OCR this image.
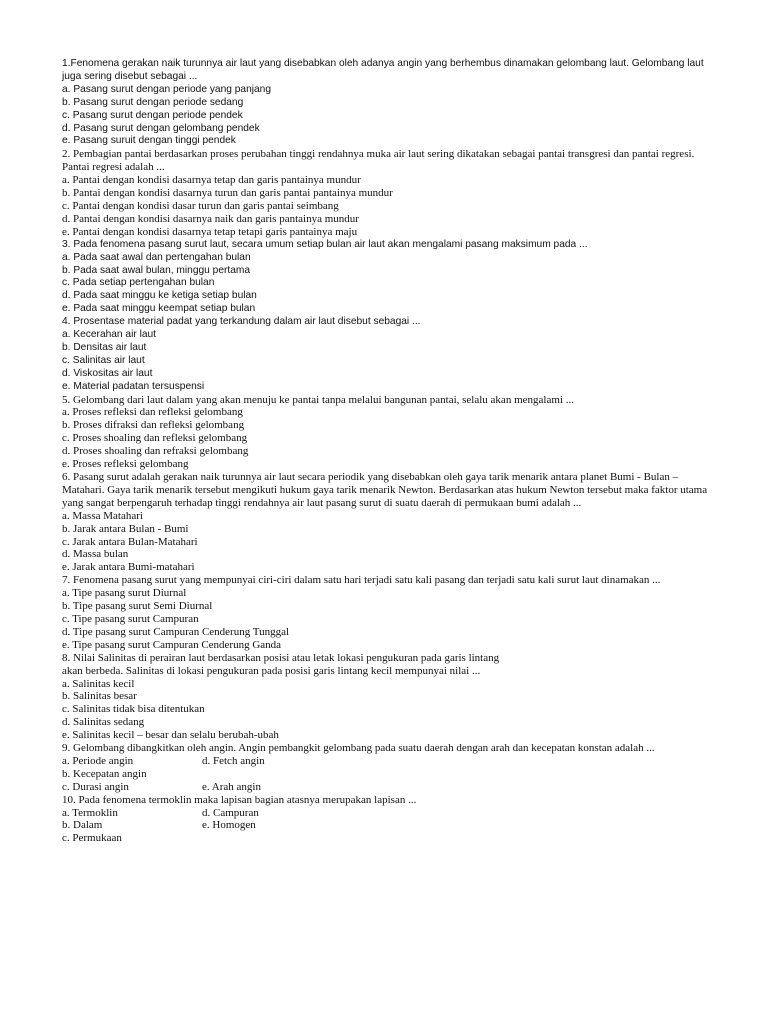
1.Fenomena gerakan naik turunnya air laut yang disebabkan oleh adanya angin yang berhembus dinamakan gelombang laut. Gelombang laut juga sering disebut sebagai ...
a. Pasang surut dengan periode yang panjang
b. Pasang surut dengan periode sedang
c. Pasang surut dengan periode pendek
d. Pasang surut dengan gelombang pendek
e. Pasang suruit dengan tinggi pendek
2. Pembagian pantai berdasarkan proses perubahan tinggi rendahnya muka air laut sering dikatakan sebagai pantai transgresi dan pantai regresi. Pantai regresi adalah ...
a. Pantai dengan kondisi dasarnya tetap dan garis pantainya mundur
b. Pantai dengan kondisi dasarnya turun dan garis pantai pantainya mundur
c. Pantai dengan kondisi dasar turun dan garis pantai seimbang
d. Pantai dengan kondisi dasarnya naik dan garis pantainya mundur
e. Pantai dengan kondisi dasarnya tetap tetapi garis pantainya maju
3. Pada fenomena pasang surut laut, secara umum setiap bulan air laut akan mengalami pasang maksimum pada ...
a. Pada saat awal dan pertengahan bulan
b. Pada saat awal bulan, minggu pertama
c. Pada setiap pertengahan bulan
d. Pada saat minggu ke ketiga setiap bulan
e. Pada saat minggu keempat setiap bulan
4. Prosentase material padat yang terkandung dalam air laut disebut sebagai ...
a. Kecerahan air laut
b. Densitas air laut
c. Salinitas air laut
d. Viskositas air laut
e. Material padatan tersuspensi
5. Gelombang dari laut dalam yang akan menuju ke pantai tanpa melalui bangunan pantai, selalu akan mengalami ...
a. Proses refleksi dan refleksi gelombang
b. Proses difraksi dan refleksi gelombang
c. Proses shoaling dan refleksi gelombang
d. Proses shoaling dan refraksi gelombang
e. Proses refleksi gelombang
6. Pasang surut adalah gerakan naik turunnya air laut secara periodik yang disebabkan oleh gaya tarik menarik antara planet Bumi - Bulan – Matahari. Gaya tarik menarik tersebut mengikuti hukum gaya tarik menarik Newton. Berdasarkan atas hukum Newton tersebut maka faktor utama
yang sangat berpengaruh terhadap tinggi rendahnya air laut pasang surut di suatu daerah di permukaan bumi adalah ...
a. Massa Matahari
b. Jarak antara Bulan - Bumi
c. Jarak antara Bulan-Matahari
d. Massa bulan
e. Jarak antara Bumi-matahari
7. Fenomena pasang surut yang mempunyai ciri-ciri dalam satu hari terjadi satu kali pasang dan terjadi satu kali surut laut dinamakan ...
a. Tipe pasang surut Diurnal
b. Tipe pasang surut Semi Diurnal
c. Tipe pasang surut Campuran
d. Tipe pasang surut Campuran Cenderung Tunggal
e. Tipe pasang surut Campuran Cenderung Ganda
8. Nilai Salinitas di perairan laut berdasarkan posisi atau letak lokasi pengukuran pada garis lintang
akan berbeda. Salinitas di lokasi pengukuran pada posisi garis lintang kecil mempunyai nilai ...
a. Salinitas kecil
b. Salinitas besar
c. Salinitas tidak bisa ditentukan
d. Salinitas sedang
e. Salinitas kecil – besar dan selalu berubah-ubah
9. Gelombang dibangkitkan oleh angin. Angin pembangkit gelombang pada suatu daerah dengan arah dan kecepatan konstan adalah ...
a. Periode angin	d. Fetch angin
b. Kecepatan angin
c. Durasi angin	e. Arah angin
10. Pada fenomena termoklin maka lapisan bagian atasnya merupakan lapisan ...
a. Termoklin	d. Campuran
b. Dalam	e. Homogen
c. Permukaan
